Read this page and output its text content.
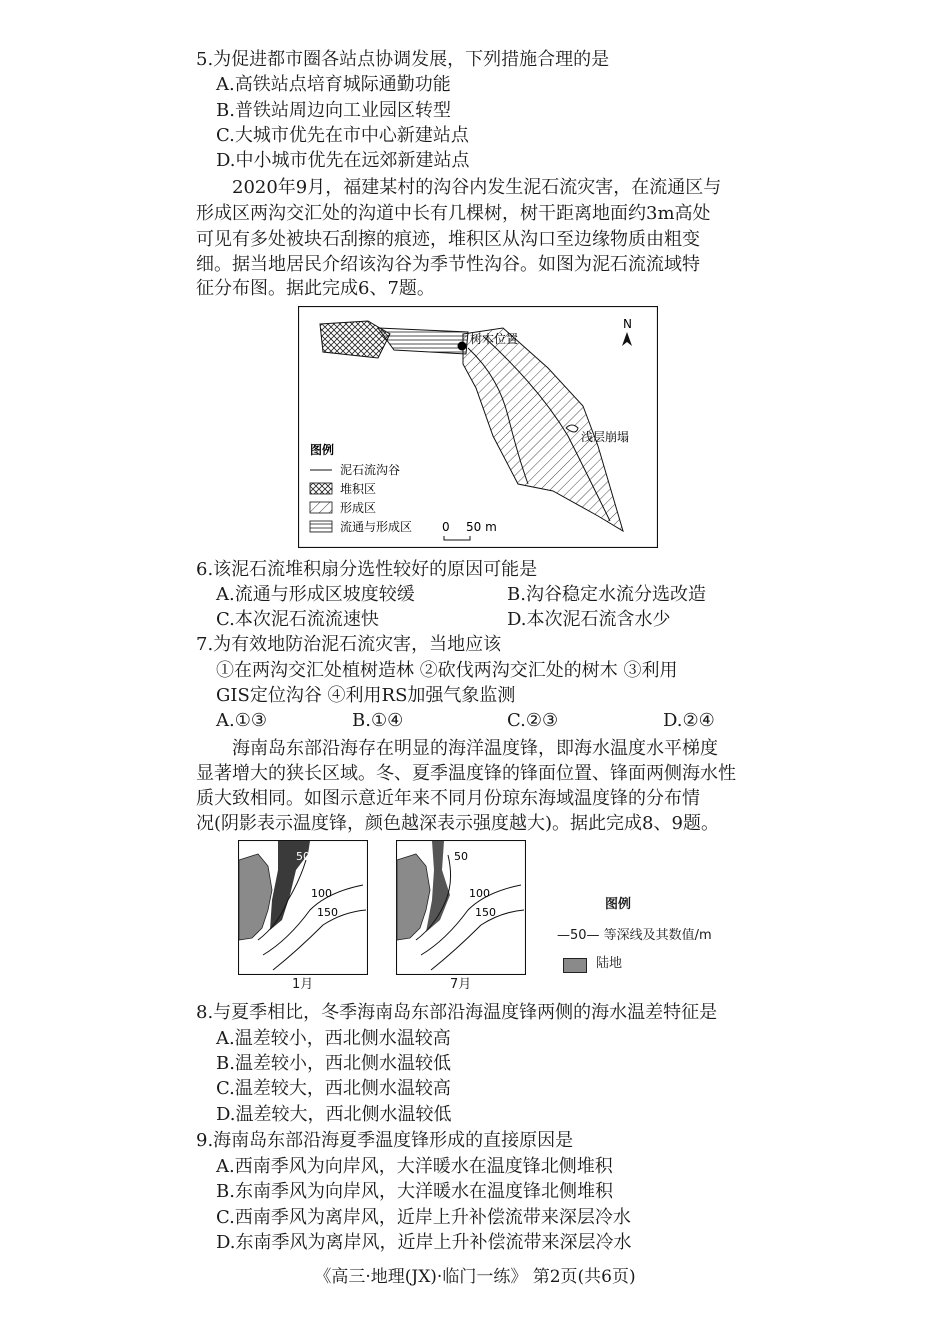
5.为促进都市圈各站点协调发展，下列措施合理的是
A.高铁站点培育城际通勤功能
B.普铁站周边向工业园区转型
C.大城市优先在市中心新建站点
D.中小城市优先在远郊新建站点
2020年9月，福建某村的沟谷内发生泥石流灾害，在流通区与
形成区两沟交汇处的沟道中长有几棵树，树干距离地面约3m高处
可见有多处被块石刮擦的痕迹，堆积区从沟口至边缘物质由粗变
细。据当地居民介绍该沟谷为季节性沟谷。如图为泥石流流域特
征分布图。据此完成6、7题。
树木位置
浅层崩塌
N
图例
泥石流沟谷
堆积区
形成区
流通与形成区 0 50 m
6.该泥石流堆积扇分选性较好的原因可能是
A.流通与形成区坡度较缓	B.沟谷稳定水流分选改造
C.本次泥石流流速快	D.本次泥石流含水少
7.为有效地防治泥石流灾害，当地应该
①在两沟交汇处植树造林 ②砍伐两沟交汇处的树木 ③利用
GIS定位沟谷 ④利用RS加强气象监测
A.①③	B.①④	C.②③	D.②④
海南岛东部沿海存在明显的海洋温度锋，即海水温度水平梯度
显著增大的狭长区域。冬、夏季温度锋的锋面位置、锋面两侧海水性
质大致相同。如图示意近年来不同月份琼东海域温度锋的分布情
况(阴影表示温度锋，颜色越深表示强度越大)。据此完成8、9题。
50
100
150
1月
50
100
150
7月
图例
—50— 等深线及其数值/m
陆地
8.与夏季相比，冬季海南岛东部沿海温度锋两侧的海水温差特征是
A.温差较小，西北侧水温较高
B.温差较小，西北侧水温较低
C.温差较大，西北侧水温较高
D.温差较大，西北侧水温较低
9.海南岛东部沿海夏季温度锋形成的直接原因是
A.西南季风为向岸风，大洋暖水在温度锋北侧堆积
B.东南季风为向岸风，大洋暖水在温度锋北侧堆积
C.西南季风为离岸风，近岸上升补偿流带来深层冷水
D.东南季风为离岸风，近岸上升补偿流带来深层冷水
《高三·地理(JX)·临门一练》 第2页(共6页)
